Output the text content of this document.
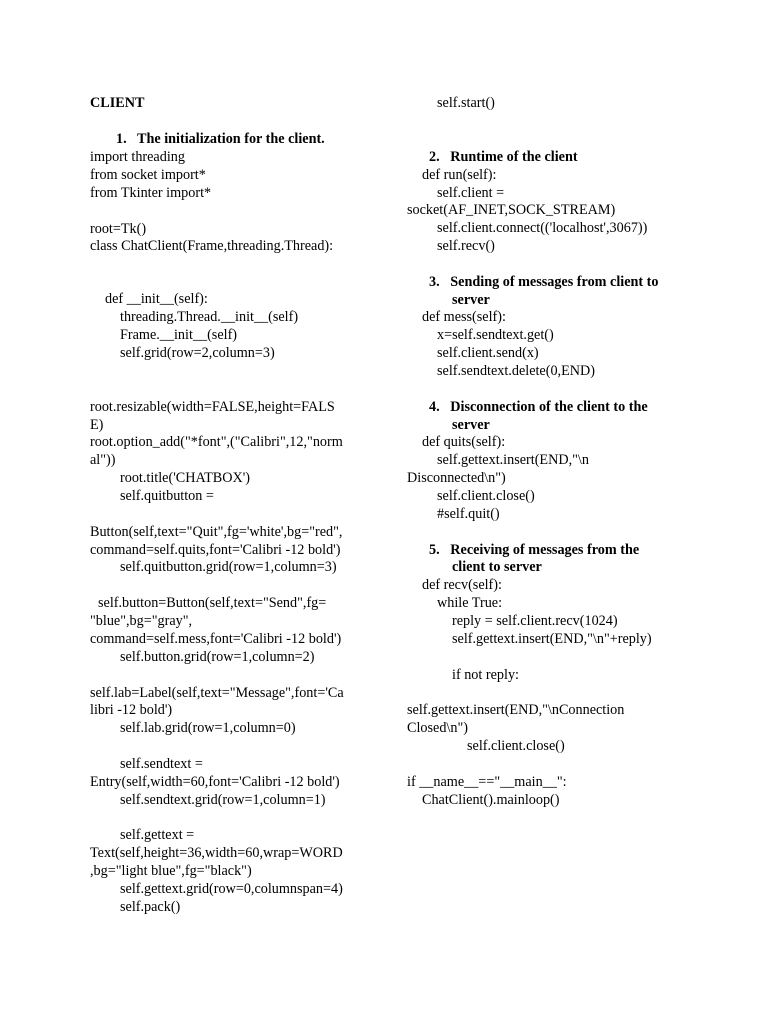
CLIENT
1.   The initialization for the client.
import threading
from socket import*
from Tkinter import*
root=Tk()
class ChatClient(Frame,threading.Thread):
def __init__(self):
threading.Thread.__init__(self)
Frame.__init__(self)
self.grid(row=2,column=3)
root.resizable(width=FALSE,height=FALS
E)
root.option_add("*font",("Calibri",12,"norm
al"))
root.title('CHATBOX')
self.quitbutton =
Button(self,text="Quit",fg='white',bg="red",
command=self.quits,font='Calibri -12 bold')
self.quitbutton.grid(row=1,column=3)
self.button=Button(self,text="Send",fg=
"blue",bg="gray",
command=self.mess,font='Calibri -12 bold')
self.button.grid(row=1,column=2)
self.lab=Label(self,text="Message",font='Ca
libri -12 bold')
self.lab.grid(row=1,column=0)
self.sendtext =
Entry(self,width=60,font='Calibri -12 bold')
self.sendtext.grid(row=1,column=1)
self.gettext =
Text(self,height=36,width=60,wrap=WORD
,bg="light blue",fg="black")
self.gettext.grid(row=0,columnspan=4)
self.pack()
self.start()
2.   Runtime of the client
def run(self):
self.client =
socket(AF_INET,SOCK_STREAM)
self.client.connect(('localhost',3067))
self.recv()
3.   Sending of messages from client to
server
def mess(self):
x=self.sendtext.get()
self.client.send(x)
self.sendtext.delete(0,END)
4.   Disconnection of the client to the
server
def quits(self):
self.gettext.insert(END,"\n
Disconnected\n")
self.client.close()
#self.quit()
5.   Receiving of messages from the
client to server
def recv(self):
while True:
reply = self.client.recv(1024)
self.gettext.insert(END,"\n"+reply)
if not reply:
self.gettext.insert(END,"\nConnection
Closed\n")
self.client.close()
if __name__=="__main__":
ChatClient().mainloop()
